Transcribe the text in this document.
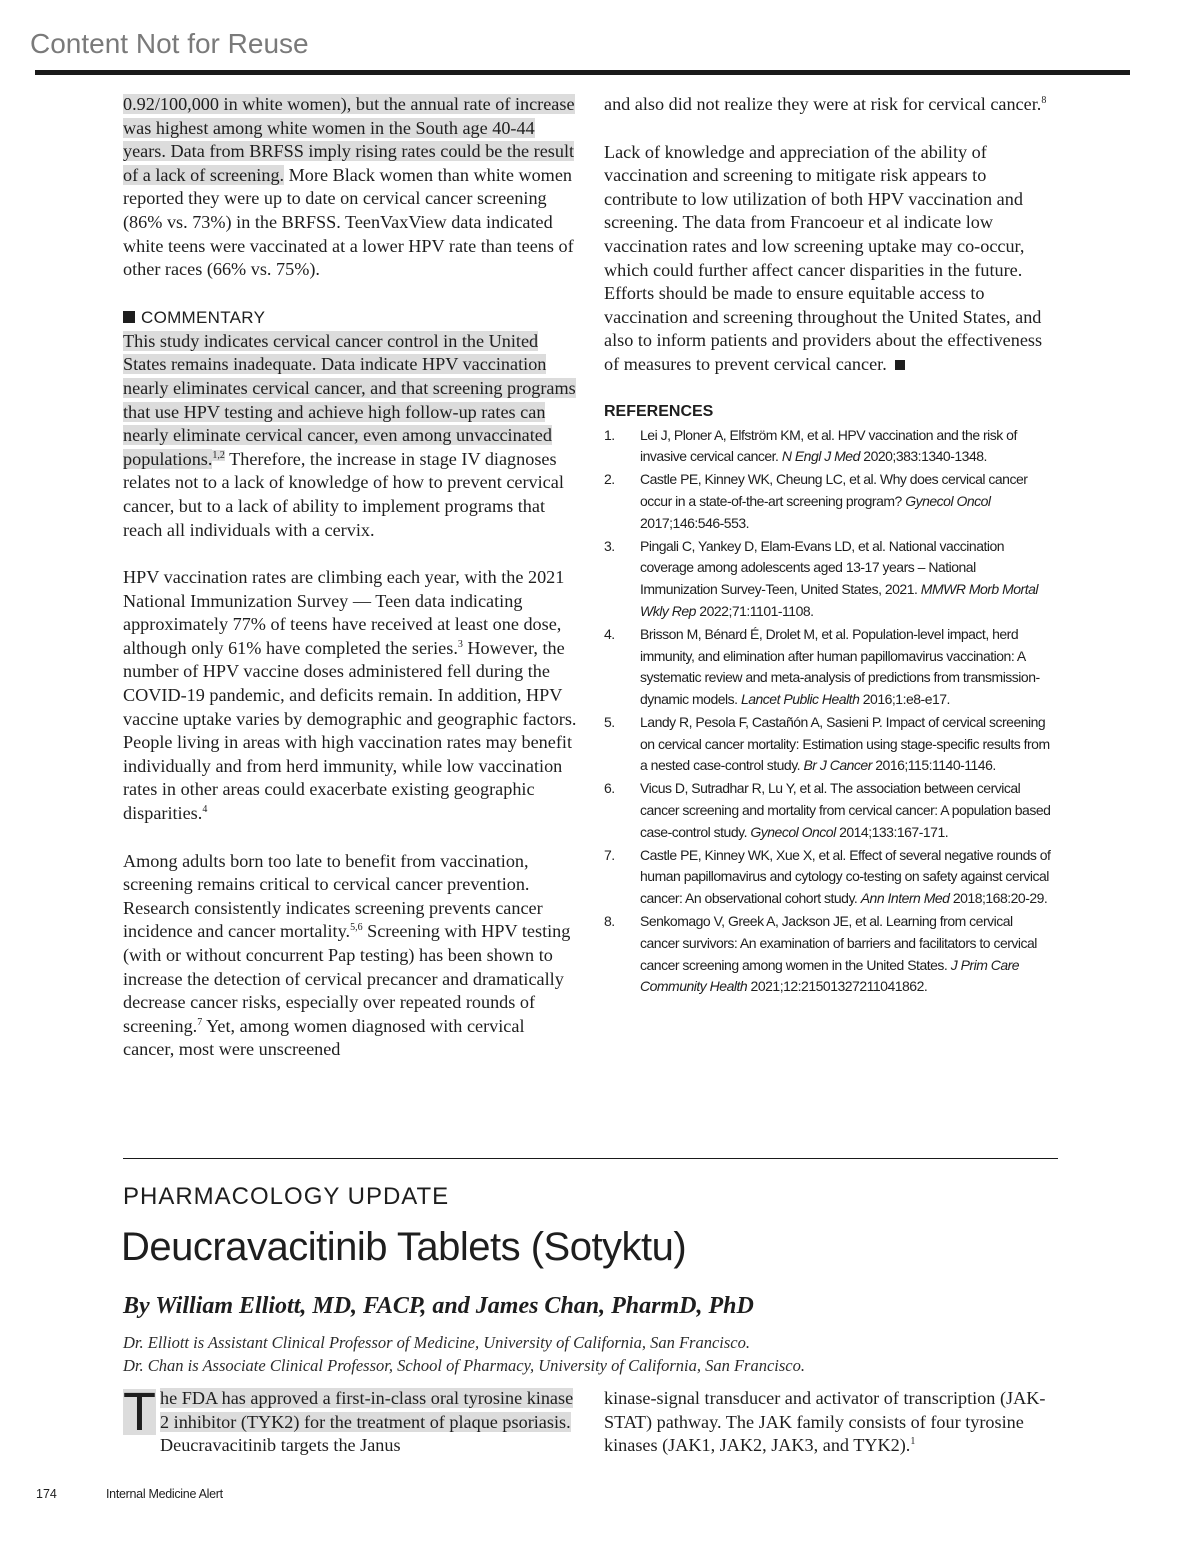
Content Not for Reuse

0.92/100,000 in white women), but the annual rate of increase was highest among white women in the South age 40-44 years. Data from BRFSS imply rising rates could be the result of a lack of screening. More Black women than white women reported they were up to date on cervical cancer screening (86% vs. 73%) in the BRFSS. TeenVaxView data indicated white teens were vaccinated at a lower HPV rate than teens of other races (66% vs. 75%).

COMMENTARY

This study indicates cervical cancer control in the United States remains inadequate. Data indicate HPV vaccination nearly eliminates cervical cancer, and that screening programs that use HPV testing and achieve high follow-up rates can nearly eliminate cervical cancer, even among unvaccinated populations.$^{1,2}$ Therefore, the increase in stage IV diagnoses relates not to a lack of knowledge of how to prevent cervical cancer, but to a lack of ability to implement programs that reach all individuals with a cervix.

HPV vaccination rates are climbing each year, with the 2021 National Immunization Survey — Teen data indicating approximately 77% of teens have received at least one dose, although only 61% have completed the series.$^3$ However, the number of HPV vaccine doses administered fell during the COVID-19 pandemic, and deficits remain. In addition, HPV vaccine uptake varies by demographic and geographic factors. People living in areas with high vaccination rates may benefit individually and from herd immunity, while low vaccination rates in other areas could exacerbate existing geographic disparities.$^4$

Among adults born too late to benefit from vaccination, screening remains critical to cervical cancer prevention. Research consistently indicates screening prevents cancer incidence and cancer mortality.$^{5,6}$ Screening with HPV testing (with or without concurrent Pap testing) has been shown to increase the detection of cervical precancer and dramatically decrease cancer risks, especially over repeated rounds of screening.$^7$ Yet, among women diagnosed with cervical cancer, most were unscreened

and also did not realize they were at risk for cervical cancer.$^8$

Lack of knowledge and appreciation of the ability of vaccination and screening to mitigate risk appears to contribute to low utilization of both HPV vaccination and screening. The data from Francoeur et al indicate low vaccination rates and low screening uptake may co-occur, which could further affect cancer disparities in the future. Efforts should be made to ensure equitable access to vaccination and screening throughout the United States, and also to inform patients and providers about the effectiveness of measures to prevent cervical cancer.

REFERENCES
1.	Lei J, Ploner A, Elfström KM, et al. HPV vaccination and the risk of invasive cervical cancer. N Engl J Med 2020;383:1340-1348.
2.	Castle PE, Kinney WK, Cheung LC, et al. Why does cervical cancer occur in a state-of-the-art screening program? Gynecol Oncol 2017;146:546-553.
3.	Pingali C, Yankey D, Elam-Evans LD, et al. National vaccination coverage among adolescents aged 13-17 years – National Immunization Survey-Teen, United States, 2021. MMWR Morb Mortal Wkly Rep 2022;71:1101-1108.
4.	Brisson M, Bénard É, Drolet M, et al. Population-level impact, herd immunity, and elimination after human papillomavirus vaccination: A systematic review and meta-analysis of predictions from transmission-dynamic models. Lancet Public Health 2016;1:e8-e17.
5.	Landy R, Pesola F, Castañón A, Sasieni P. Impact of cervical screening on cervical cancer mortality: Estimation using stage-specific results from a nested case-control study. Br J Cancer 2016;115:1140-1146.
6.	Vicus D, Sutradhar R, Lu Y, et al. The association between cervical cancer screening and mortality from cervical cancer: A population based case-control study. Gynecol Oncol 2014;133:167-171.
7.	Castle PE, Kinney WK, Xue X, et al. Effect of several negative rounds of human papillomavirus and cytology co-testing on safety against cervical cancer: An observational cohort study. Ann Intern Med 2018;168:20-29.
8.	Senkomago V, Greek A, Jackson JE, et al. Learning from cervical cancer survivors: An examination of barriers and facilitators to cervical cancer screening among women in the United States. J Prim Care Community Health 2021;12:21501327211041862.
PHARMACOLOGY UPDATE
Deucravacitinib Tablets (Sotyktu)
By William Elliott, MD, FACP, and James Chan, PharmD, PhD
Dr. Elliott is Assistant Clinical Professor of Medicine, University of California, San Francisco.
Dr. Chan is Associate Clinical Professor, School of Pharmacy, University of California, San Francisco.
T he FDA has approved a first-in-class oral tyrosine kinase 2 inhibitor (TYK2) for the treatment of plaque psoriasis. Deucravacitinib targets the Janus
kinase-signal transducer and activator of transcription (JAK-STAT) pathway. The JAK family consists of four tyrosine kinases (JAK1, JAK2, JAK3, and TYK2).$^1$
174	Internal Medicine Alert
